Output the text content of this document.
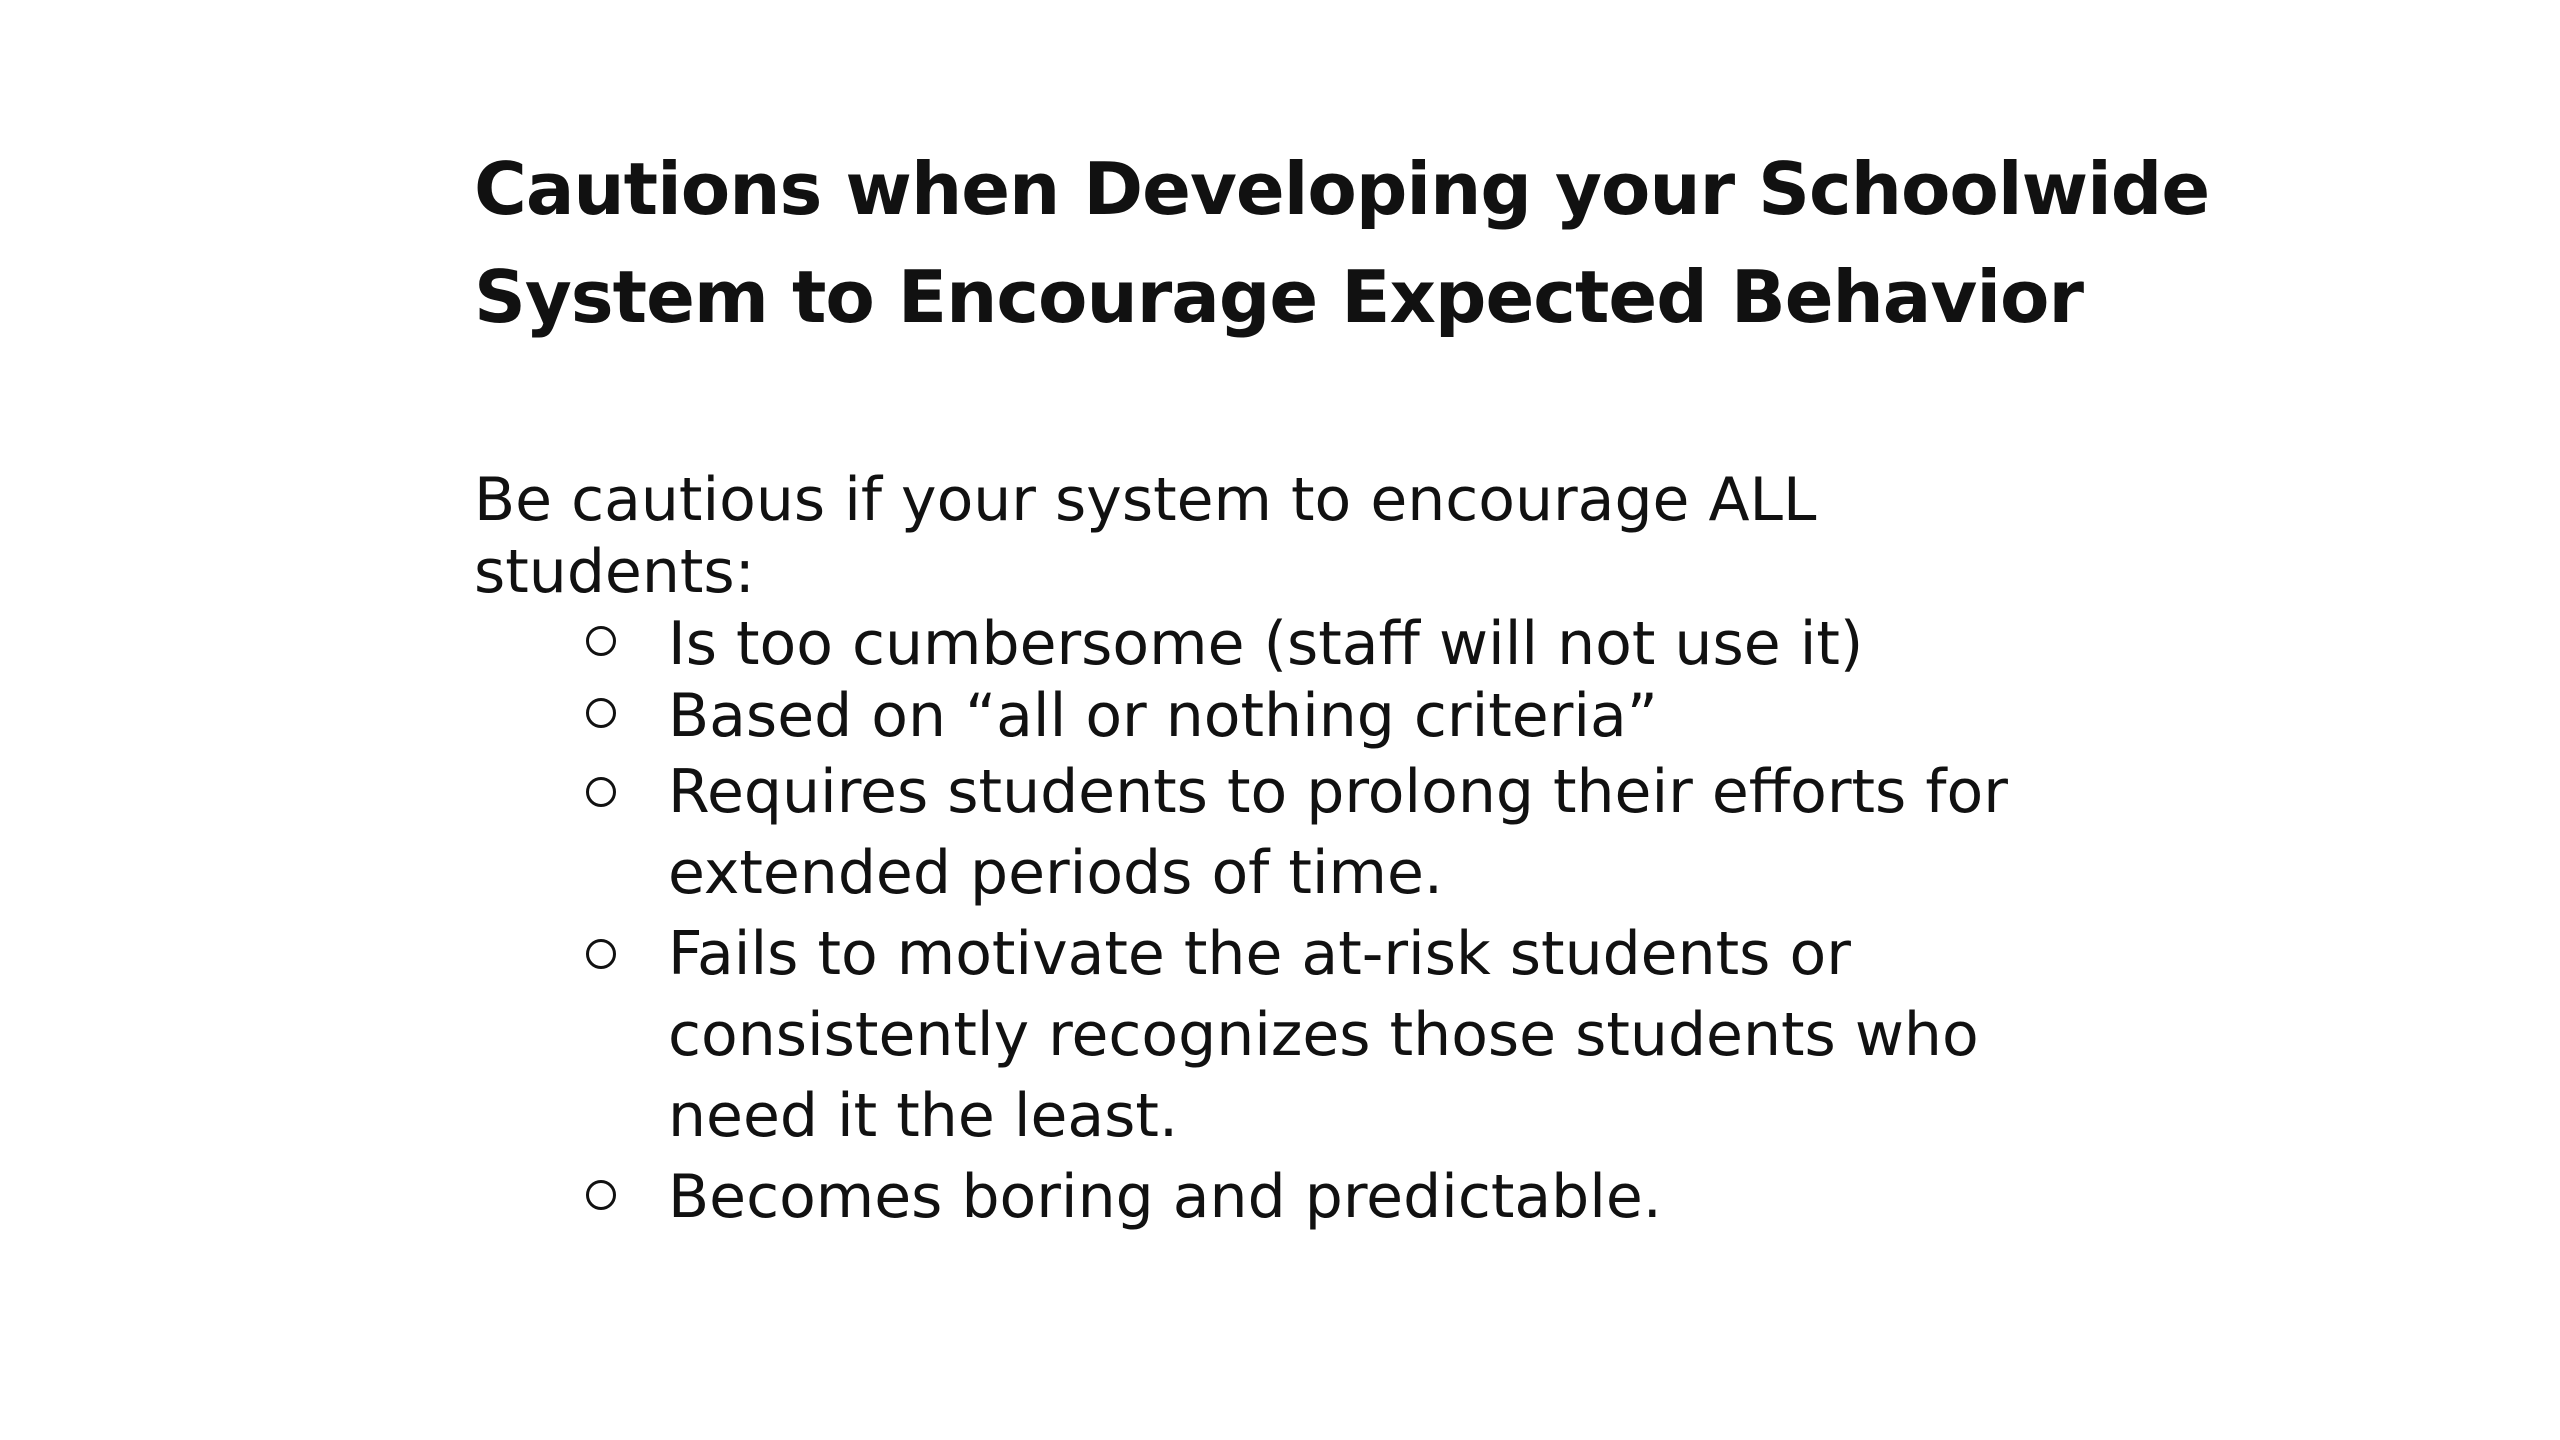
Cautions when Developing your Schoolwide
System to Encourage Expected Behavior

Be cautious if your system to encourage ALL
students:

Is too cumbersome (staff will not use it)
Based on “all or nothing criteria”
Requires students to prolong their efforts for
extended periods of time.
Fails to motivate the at-risk students or
consistently recognizes those students who
need it the least.
Becomes boring and predictable.
